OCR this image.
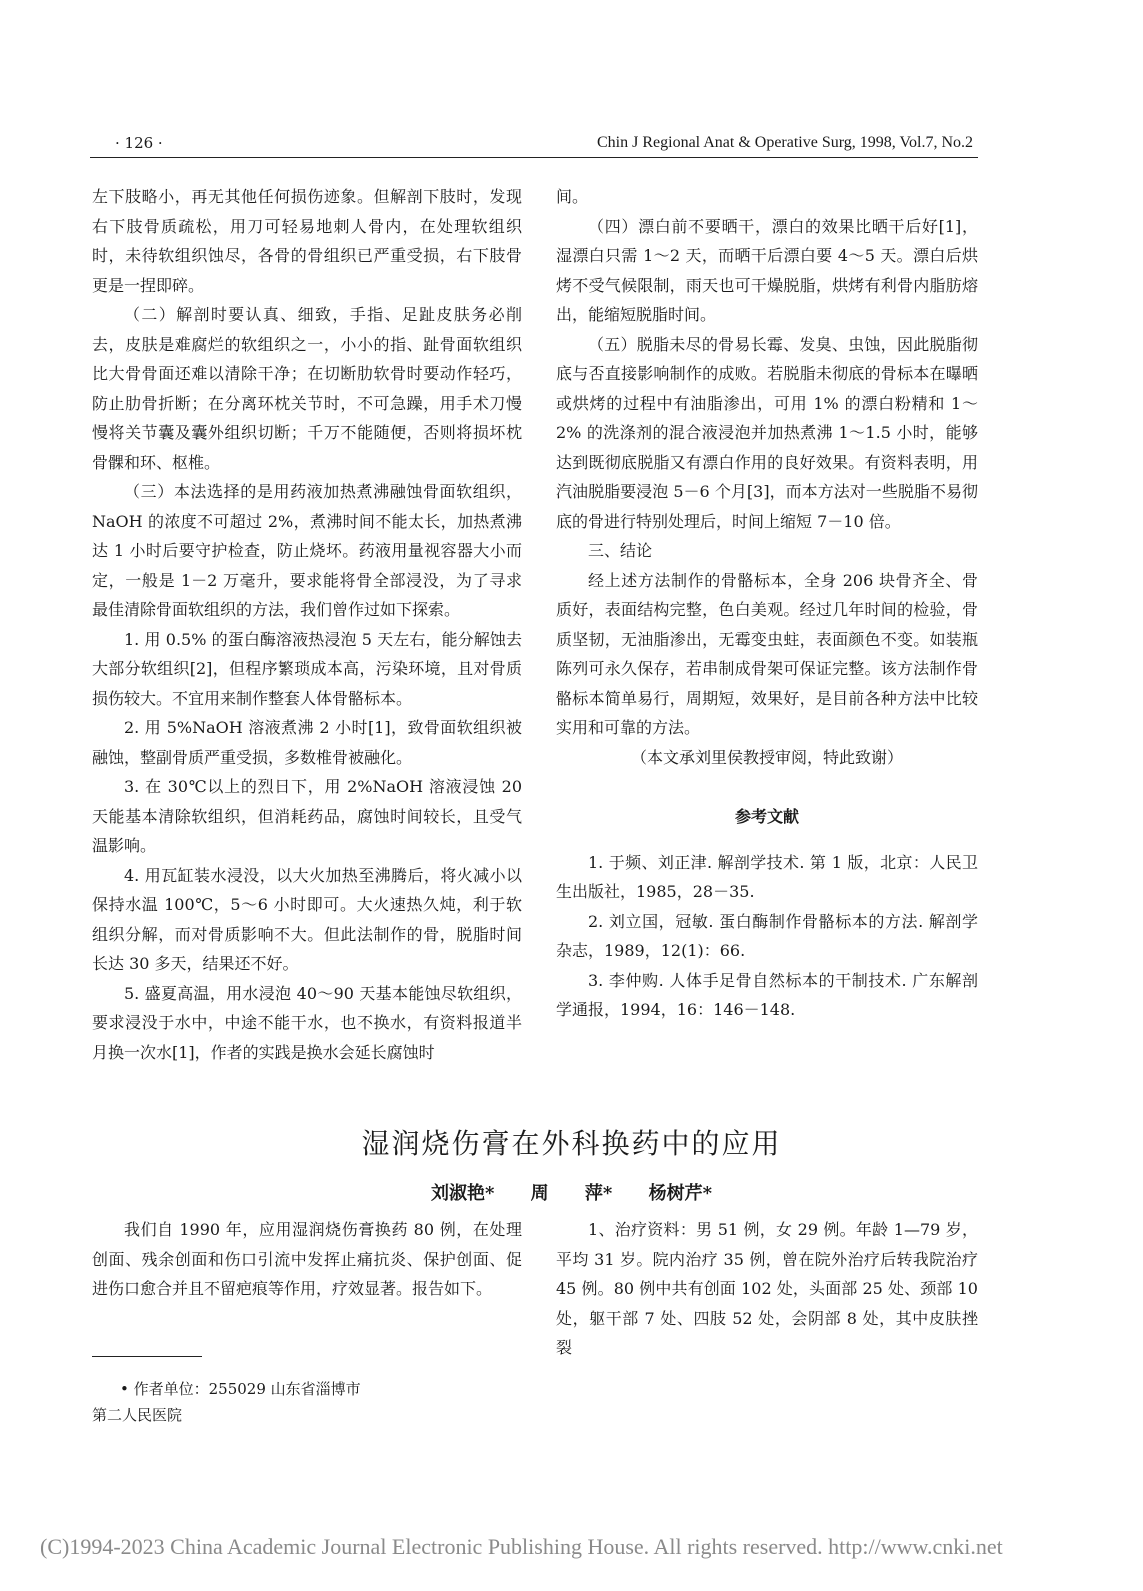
· 126 ·	Chin J Regional Anat & Operative Surg, 1998, Vol.7, No.2

左下肢略小，再无其他任何损伤迹象。但解剖下肢时，发现右下肢骨质疏松，用刀可轻易地刺人骨内，在处理软组织时，未待软组织蚀尽，各骨的骨组织已严重受损，右下肢骨更是一捏即碎。

（二）解剖时要认真、细致，手指、足趾皮肤务必削去，皮肤是难腐烂的软组织之一，小小的指、趾骨面软组织比大骨骨面还难以清除干净；在切断肋软骨时要动作轻巧，防止肋骨折断；在分离环枕关节时，不可急躁，用手术刀慢慢将关节囊及囊外组织切断；千万不能随便，否则将损坏枕骨髁和环、枢椎。

（三）本法选择的是用药液加热煮沸融蚀骨面软组织，NaOH 的浓度不可超过 2%，煮沸时间不能太长，加热煮沸达 1 小时后要守护检查，防止烧坏。药液用量视容器大小而定，一般是 1－2 万毫升，要求能将骨全部浸没，为了寻求最佳清除骨面软组织的方法，我们曾作过如下探索。

1. 用 0.5% 的蛋白酶溶液热浸泡 5 天左右，能分解蚀去大部分软组织[2]，但程序繁琐成本高，污染环境，且对骨质损伤较大。不宜用来制作整套人体骨骼标本。

2. 用 5%NaOH 溶液煮沸 2 小时[1]，致骨面软组织被融蚀，整副骨质严重受损，多数椎骨被融化。

3. 在 30℃以上的烈日下，用 2%NaOH 溶液浸蚀 20 天能基本清除软组织，但消耗药品，腐蚀时间较长，且受气温影响。

4. 用瓦缸装水浸没，以大火加热至沸腾后，将火减小以保持水温 100℃，5～6 小时即可。大火速热久炖，利于软组织分解，而对骨质影响不大。但此法制作的骨，脱脂时间长达 30 多天，结果还不好。

5. 盛夏高温，用水浸泡 40～90 天基本能蚀尽软组织，要求浸没于水中，中途不能干水，也不换水，有资料报道半月换一次水[1]，作者的实践是换水会延长腐蚀时

间。

（四）漂白前不要晒干，漂白的效果比晒干后好[1]，湿漂白只需 1～2 天，而晒干后漂白要 4～5 天。漂白后烘烤不受气候限制，雨天也可干燥脱脂，烘烤有利骨内脂肪熔出，能缩短脱脂时间。

（五）脱脂未尽的骨易长霉、发臭、虫蚀，因此脱脂彻底与否直接影响制作的成败。若脱脂未彻底的骨标本在曝晒或烘烤的过程中有油脂渗出，可用 1% 的漂白粉精和 1～2% 的洗涤剂的混合液浸泡并加热煮沸 1～1.5 小时，能够达到既彻底脱脂又有漂白作用的良好效果。有资料表明，用汽油脱脂要浸泡 5－6 个月[3]，而本方法对一些脱脂不易彻底的骨进行特别处理后，时间上缩短 7－10 倍。

三、结论

经上述方法制作的骨骼标本，全身 206 块骨齐全、骨质好，表面结构完整，色白美观。经过几年时间的检验，骨质坚韧，无油脂渗出，无霉变虫蛀，表面颜色不变。如装瓶陈列可永久保存，若串制成骨架可保证完整。该方法制作骨骼标本简单易行，周期短，效果好，是目前各种方法中比较实用和可靠的方法。

（本文承刘里侯教授审阅，特此致谢）

参考文献

1. 于频、刘正津. 解剖学技术. 第 1 版，北京：人民卫生出版社，1985，28－35.

2. 刘立国，冠敏. 蛋白酶制作骨骼标本的方法. 解剖学杂志，1989，12(1)：66.

3. 李仲购. 人体手足骨自然标本的干制技术. 广东解剖学通报，1994，16：146－148.

湿润烧伤膏在外科换药中的应用
刘淑艳* 周 萍* 杨树芹*

我们自 1990 年，应用湿润烧伤膏换药 80 例，在处理创面、残余创面和伤口引流中发挥止痛抗炎、保护创面、促进伤口愈合并且不留疤痕等作用，疗效显著。报告如下。

1、治疗资料：男 51 例，女 29 例。年龄 1—79 岁，平均 31 岁。院内治疗 35 例，曾在院外治疗后转我院治疗 45 例。80 例中共有创面 102 处，头面部 25 处、颈部 10 处，躯干部 7 处、四肢 52 处，会阴部 8 处，其中皮肤挫裂

• 作者单位：255029 山东省淄博市

第二人民医院

(C)1994-2023 China Academic Journal Electronic Publishing House. All rights reserved. http://www.cnki.net
